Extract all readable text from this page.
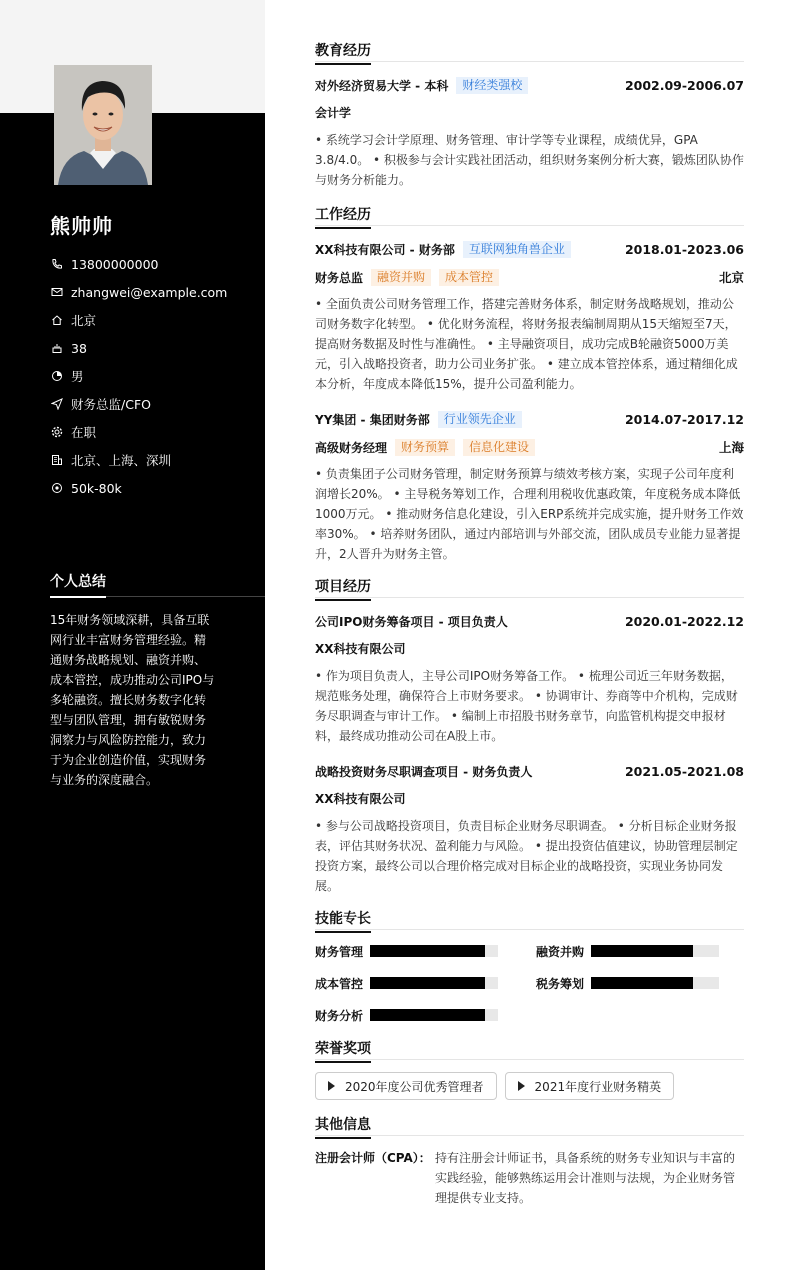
熊帅帅
13800000000
zhangwei@example.com
北京
38
男
财务总监/CFO
在职
北京、上海、深圳
50k-80k
个人总结
15年财务领域深耕，具备互联网行业丰富财务管理经验。精通财务战略规划、融资并购、成本管控，成功推动公司IPO与多轮融资。擅长财务数字化转型与团队管理，拥有敏锐财务洞察力与风险防控能力，致力于为企业创造价值，实现财务与业务的深度融合。
教育经历
对外经济贸易大学 - 本科	财经类强校	2002.09-2006.07
会计学
• 系统学习会计学原理、财务管理、审计学等专业课程，成绩优异，GPA 3.8/4.0。 • 积极参与会计实践社团活动，组织财务案例分析大赛，锻炼团队协作与财务分析能力。
工作经历
XX科技有限公司 - 财务部	互联网独角兽企业	2018.01-2023.06
财务总监	融资并购	成本管控	北京
• 全面负责公司财务管理工作，搭建完善财务体系，制定财务战略规划，推动公司财务数字化转型。 • 优化财务流程，将财务报表编制周期从15天缩短至7天，提高财务数据及时性与准确性。 • 主导融资项目，成功完成B轮融资5000万美元，引入战略投资者，助力公司业务扩张。 • 建立成本管控体系，通过精细化成本分析，年度成本降低15%，提升公司盈利能力。
YY集团 - 集团财务部	行业领先企业	2014.07-2017.12
高级财务经理	财务预算	信息化建设	上海
• 负责集团子公司财务管理，制定财务预算与绩效考核方案，实现子公司年度利润增长20%。 • 主导税务筹划工作，合理利用税收优惠政策，年度税务成本降低1000万元。 • 推动财务信息化建设，引入ERP系统并完成实施，提升财务工作效率30%。 • 培养财务团队，通过内部培训与外部交流，团队成员专业能力显著提升，2人晋升为财务主管。
项目经历
公司IPO财务筹备项目 - 项目负责人	2020.01-2022.12
XX科技有限公司
• 作为项目负责人，主导公司IPO财务筹备工作。 • 梳理公司近三年财务数据，规范账务处理，确保符合上市财务要求。 • 协调审计、券商等中介机构，完成财务尽职调查与审计工作。 • 编制上市招股书财务章节，向监管机构提交申报材料，最终成功推动公司在A股上市。
战略投资财务尽职调查项目 - 财务负责人	2021.05-2021.08
XX科技有限公司
• 参与公司战略投资项目，负责目标企业财务尽职调查。 • 分析目标企业财务报表，评估其财务状况、盈利能力与风险。 • 提出投资估值建议，协助管理层制定投资方案，最终公司以合理价格完成对目标企业的战略投资，实现业务协同发展。
技能专长
财务管理	融资并购
成本管控	税务筹划
财务分析
荣誉奖项
2020年度公司优秀管理者	2021年度行业财务精英
其他信息
注册会计师（CPA）： 持有注册会计师证书，具备系统的财务专业知识与丰富的实践经验，能够熟练运用会计准则与法规，为企业财务管理提供专业支持。
